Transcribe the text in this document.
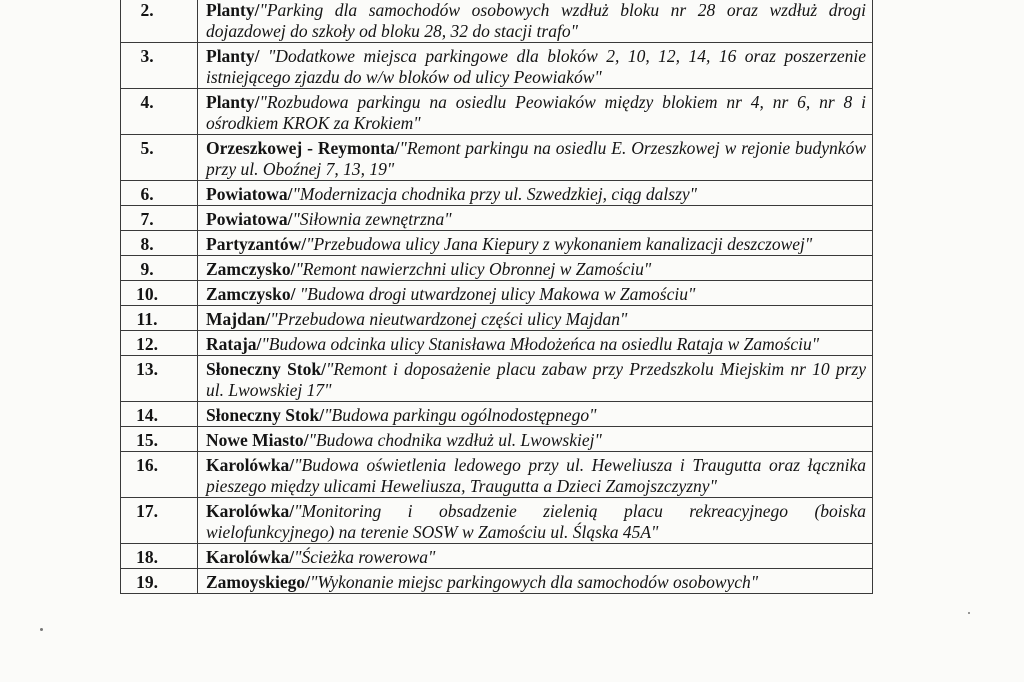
2.	Planty/"Parking dla samochodów osobowych wzdłuż bloku nr 28 oraz wzdłuż drogi dojazdowej do szkoły od bloku 28, 32 do stacji trafo"
3.	Planty/ "Dodatkowe miejsca parkingowe dla bloków 2, 10, 12, 14, 16 oraz poszerzenie istniejącego zjazdu do w/w bloków od ulicy Peowiaków"
4.	Planty/"Rozbudowa parkingu na osiedlu Peowiaków między blokiem nr 4, nr 6, nr 8 i ośrodkiem KROK za Krokiem"
5.	Orzeszkowej - Reymonta/"Remont parkingu na osiedlu E. Orzeszkowej w rejonie budynków przy ul. Oboźnej 7, 13, 19"
6.	Powiatowa/"Modernizacja chodnika przy ul. Szwedzkiej, ciąg dalszy"
7.	Powiatowa/"Siłownia zewnętrzna"
8.	Partyzantów/"Przebudowa ulicy Jana Kiepury z wykonaniem kanalizacji deszczowej"
9.	Zamczysko/"Remont nawierzchni ulicy Obronnej w Zamościu"
10.	Zamczysko/ "Budowa drogi utwardzonej ulicy Makowa w Zamościu"
11.	Majdan/"Przebudowa nieutwardzonej części ulicy Majdan"
12.	Rataja/"Budowa odcinka ulicy Stanisława Młodożeńca na osiedlu Rataja w Zamościu"
13.	Słoneczny Stok/"Remont i doposażenie placu zabaw przy Przedszkolu Miejskim nr 10 przy ul. Lwowskiej 17"
14.	Słoneczny Stok/"Budowa parkingu ogólnodostępnego"
15.	Nowe Miasto/"Budowa chodnika wzdłuż ul. Lwowskiej"
16.	Karolówka/"Budowa oświetlenia ledowego przy ul. Heweliusza i Traugutta oraz łącznika pieszego między ulicami Heweliusza, Traugutta a Dzieci Zamojszczyzny"
17.	Karolówka/"Monitoring i obsadzenie zielenią placu rekreacyjnego (boiska wielofunkcyjnego) na terenie SOSW w Zamościu ul. Śląska 45A"
18.	Karolówka/"Ścieżka rowerowa"
19.	Zamoyskiego/"Wykonanie miejsc parkingowych dla samochodów osobowych"
